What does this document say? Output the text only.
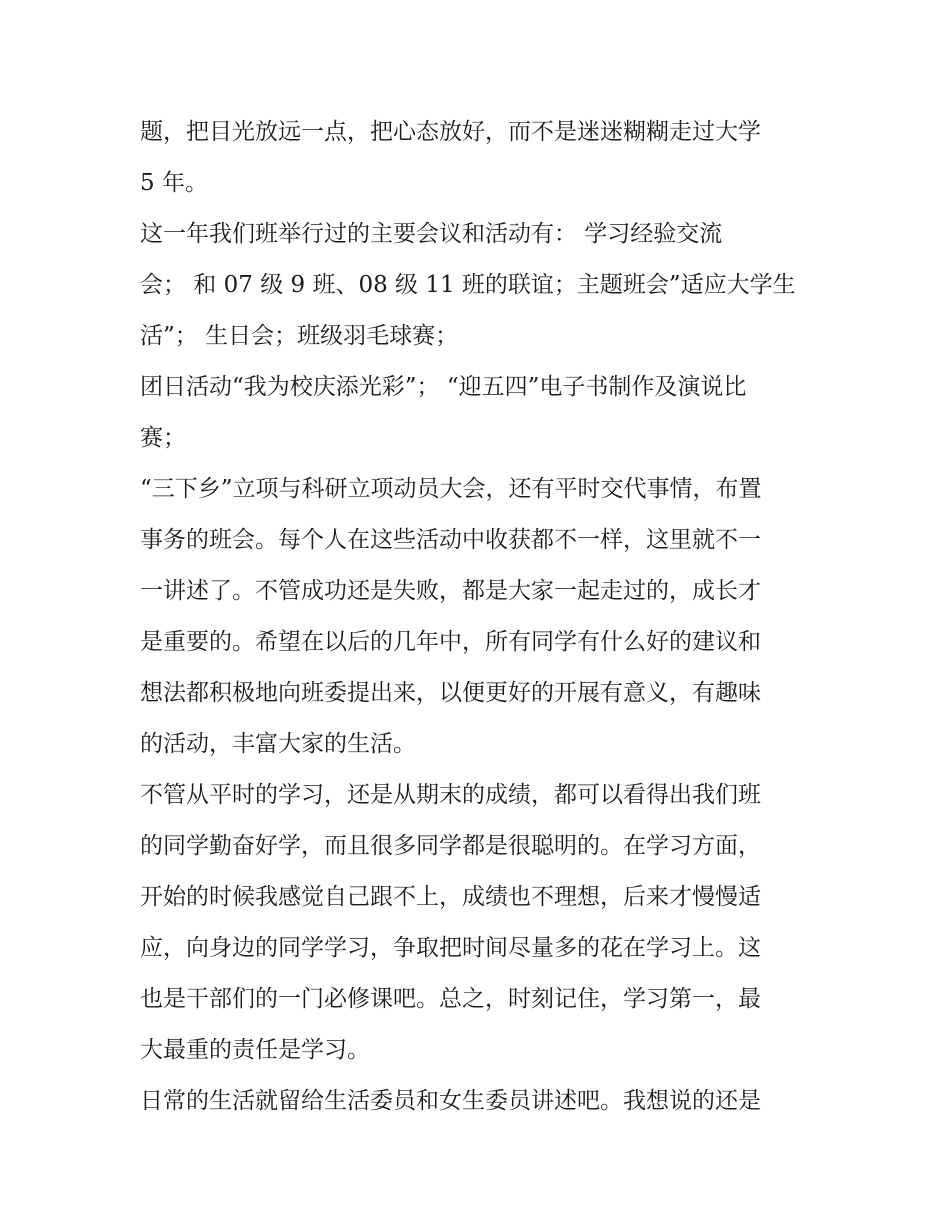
题，把目光放远一点，把心态放好，而不是迷迷糊糊走过大学
5 年。
这一年我们班举行过的主要会议和活动有： 学习经验交流
会； 和 07 级 9 班、08 级 11 班的联谊；主题班会”适应大学生
活”； 生日会；班级羽毛球赛；
团日活动“我为校庆添光彩”； “迎五四”电子书制作及演说比
赛；
“三下乡”立项与科研立项动员大会，还有平时交代事情，布置
事务的班会。每个人在这些活动中收获都不一样，这里就不一
一讲述了。不管成功还是失败，都是大家一起走过的，成长才
是重要的。希望在以后的几年中，所有同学有什么好的建议和
想法都积极地向班委提出来，以便更好的开展有意义，有趣味
的活动，丰富大家的生活。
不管从平时的学习，还是从期末的成绩，都可以看得出我们班
的同学勤奋好学，而且很多同学都是很聪明的。在学习方面，
开始的时候我感觉自己跟不上，成绩也不理想，后来才慢慢适
应，向身边的同学学习，争取把时间尽量多的花在学习上。这
也是干部们的一门必修课吧。总之，时刻记住，学习第一，最
大最重的责任是学习。
日常的生活就留给生活委员和女生委员讲述吧。我想说的还是
